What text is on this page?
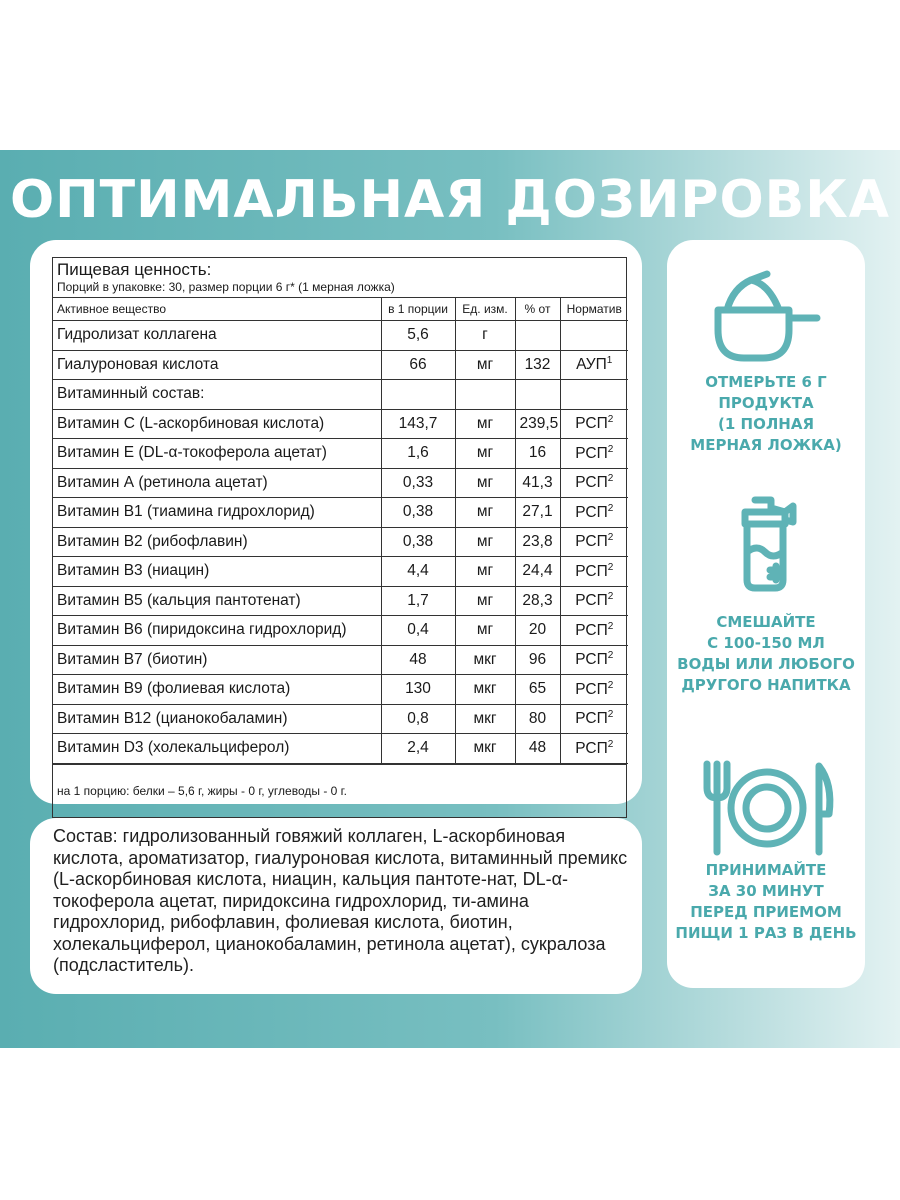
ОПТИМАЛЬНАЯ ДОЗИРОВКА
Пищевая ценность:
Порций в упаковке: 30, размер порции 6 г* (1 мерная ложка)
Активное вещество	в 1 порции	Ед. изм.	% от	Норматив
Гидролизат коллагена	5,6	г		
Гиалуроновая кислота	66	мг	132	АУП$^1$
Витаминный состав:				
Витамин С (L-аскорбиновая кислота)	143,7	мг	239,5	РСП$^2$
Витамин Е (DL-α-токоферола ацетат)	1,6	мг	16	РСП$^2$
Витамин А (ретинола ацетат)	0,33	мг	41,3	РСП$^2$
Витамин В1 (тиамина гидрохлорид)	0,38	мг	27,1	РСП$^2$
Витамин В2 (рибофлавин)	0,38	мг	23,8	РСП$^2$
Витамин В3 (ниацин)	4,4	мг	24,4	РСП$^2$
Витамин В5 (кальция пантотенат)	1,7	мг	28,3	РСП$^2$
Витамин В6 (пиридоксина гидрохлорид)	0,4	мг	20	РСП$^2$
Витамин В7 (биотин)	48	мкг	96	РСП$^2$
Витамин В9 (фолиевая кислота)	130	мкг	65	РСП$^2$
Витамин В12 (цианокобаламин)	0,8	мкг	80	РСП$^2$
Витамин D3 (холекальциферол)	2,4	мкг	48	РСП$^2$
на 1 порцию: белки – 5,6 г, жиры - 0 г, углеводы - 0 г.
Состав: гидролизованный говяжий коллаген, L-аскорбиновая кислота, ароматизатор, гиалуроновая кислота, витаминный премикс (L-аскорбиновая кислота, ниацин, кальция пантоте-нат, DL-α-токоферола ацетат, пиридоксина гидрохлорид, ти-амина гидрохлорид, рибофлавин, фолиевая кислота, биотин, холекальциферол, цианокобаламин, ретинола ацетат), сукралоза (подсластитель).
ОТМЕРЬТЕ 6 Г
ПРОДУКТА
(1 ПОЛНАЯ
МЕРНАЯ ЛОЖКА)
СМЕШАЙТЕ
С 100-150 МЛ
ВОДЫ ИЛИ ЛЮБОГО
ДРУГОГО НАПИТКА
ПРИНИМАЙТЕ
ЗА 30 МИНУТ
ПЕРЕД ПРИЕМОМ
ПИЩИ 1 РАЗ В ДЕНЬ
